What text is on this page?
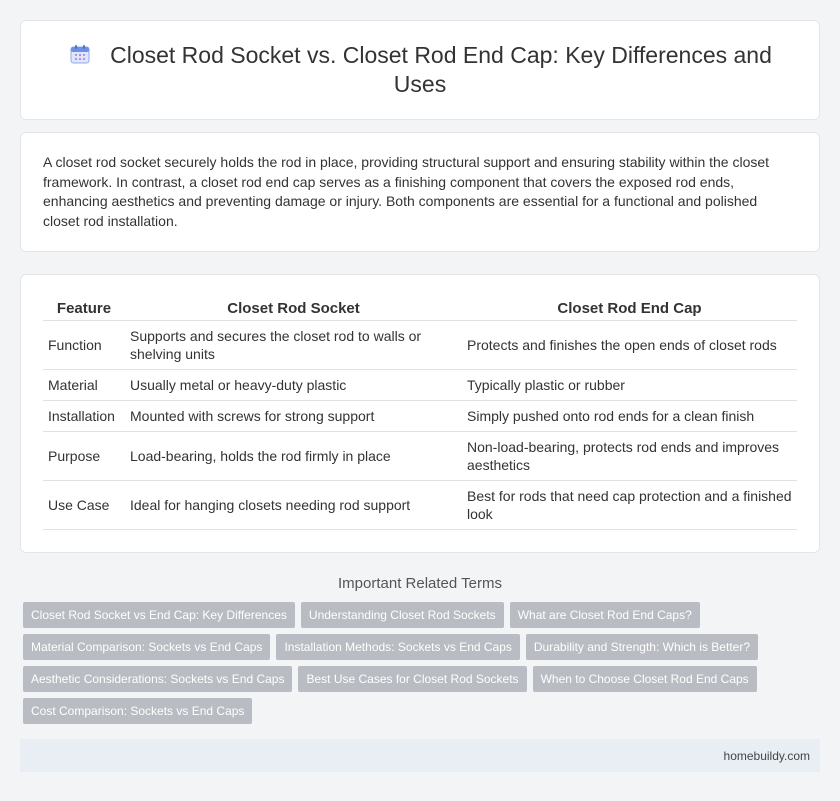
Closet Rod Socket vs. Closet Rod End Cap: Key Differences and Uses

A closet rod socket securely holds the rod in place, providing structural support and ensuring stability within the closet framework. In contrast, a closet rod end cap serves as a finishing component that covers the exposed rod ends, enhancing aesthetics and preventing damage or injury. Both components are essential for a functional and polished closet rod installation.

Feature	Closet Rod Socket	Closet Rod End Cap
Function	Supports and secures the closet rod to walls or shelving units	Protects and finishes the open ends of closet rods
Material	Usually metal or heavy-duty plastic	Typically plastic or rubber
Installation	Mounted with screws for strong support	Simply pushed onto rod ends for a clean finish
Purpose	Load-bearing, holds the rod firmly in place	Non-load-bearing, protects rod ends and improves aesthetics
Use Case	Ideal for hanging closets needing rod support	Best for rods that need cap protection and a finished look
Important Related Terms
Closet Rod Socket vs End Cap: Key Differences	Understanding Closet Rod Sockets	What are Closet Rod End Caps?
Material Comparison: Sockets vs End Caps	Installation Methods: Sockets vs End Caps	Durability and Strength: Which is Better?
Aesthetic Considerations: Sockets vs End Caps	Best Use Cases for Closet Rod Sockets	When to Choose Closet Rod End Caps
Cost Comparison: Sockets vs End Caps
homebuildy.com
